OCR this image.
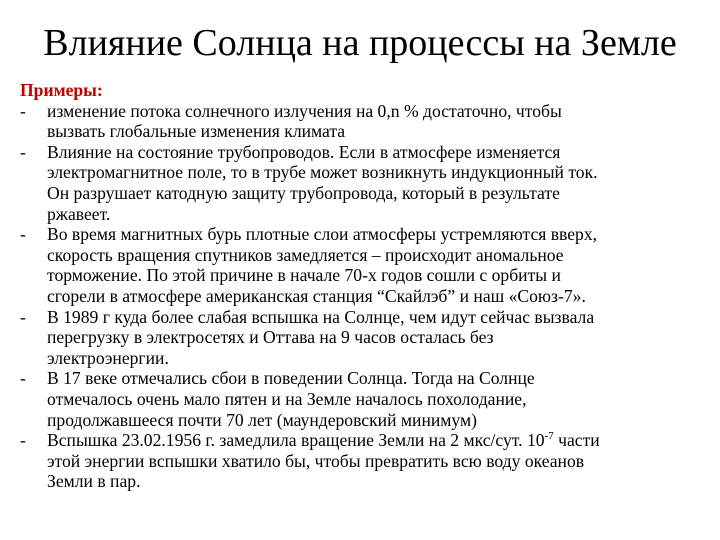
Влияние Солнца на процессы на Земле
Примеры:
- изменение потока солнечного излучения на 0,n % достаточно, чтобы
вызвать глобальные изменения климата
- Влияние на состояние трубопроводов. Если в атмосфере изменяется
электромагнитное поле, то в трубе может возникнуть индукционный ток.
Он разрушает катодную защиту трубопровода, который в результате
ржавеет.
- Во время магнитных бурь плотные слои атмосферы устремляются вверх,
скорость вращения спутников замедляется – происходит аномальное
торможение. По этой причине в начале 70-х годов сошли с орбиты и
сгорели в атмосфере американская станция “Скайлэб” и наш «Союз-7».
- В 1989 г куда более слабая вспышка на Солнце, чем идут сейчас вызвала
перегрузку в электросетях и Оттава на 9 часов осталась без
электроэнергии.
- В 17 веке отмечались сбои в поведении Солнца. Тогда на Солнце
отмечалось очень мало пятен и на Земле началось похолодание,
продолжавшееся почти 70 лет (маундеровский минимум)
- Вспышка 23.02.1956 г. замедлила вращение Земли на 2 мкс/сут. $10^{-7}$ части
этой энергии вспышки хватило бы, чтобы превратить всю воду океанов
Земли в пар.
